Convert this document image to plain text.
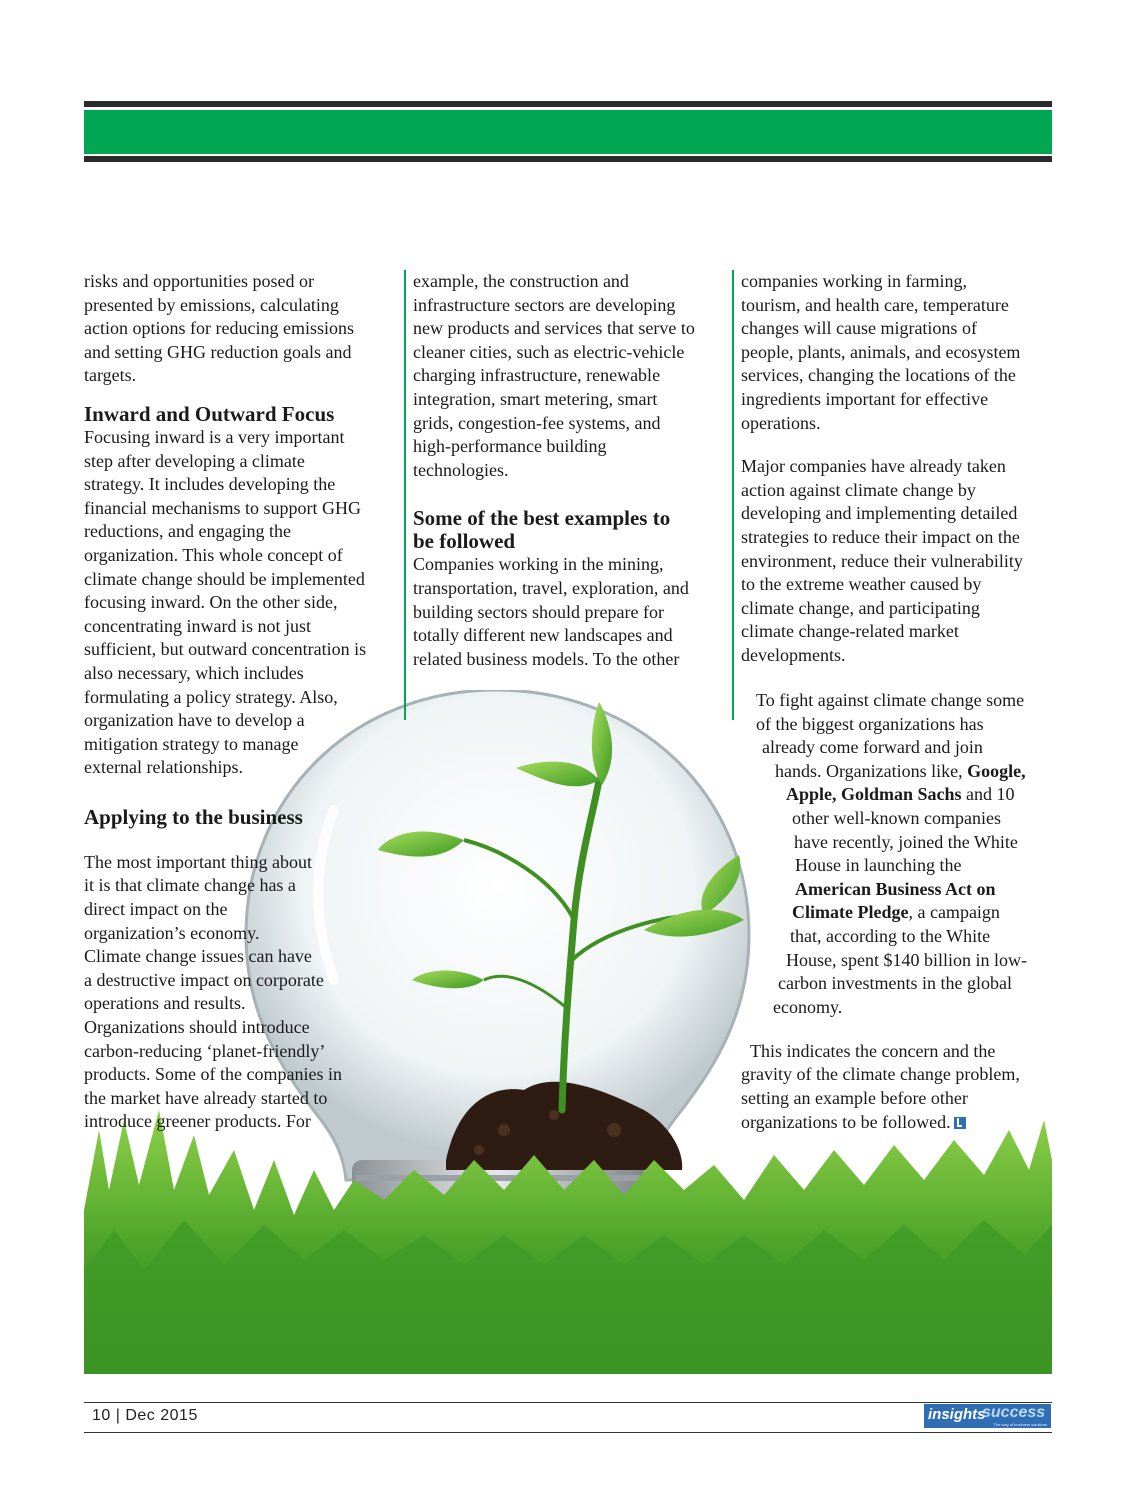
risks and opportunities posed or
presented by emissions, calculating
action options for reducing emissions
and setting GHG reduction goals and
targets.

Inward and Outward Focus

Focusing inward is a very important
step after developing a climate
strategy. It includes developing the
financial mechanisms to support GHG
reductions, and engaging the
organization. This whole concept of
climate change should be implemented
focusing inward. On the other side,
concentrating inward is not just
sufficient, but outward concentration is
also necessary, which includes
formulating a policy strategy. Also,
organization have to develop a
mitigation strategy to manage
external relationships.

Applying to the business

The most important thing about
it is that climate change has a
direct impact on the
organization’s economy.
Climate change issues can have
a destructive impact on corporate
operations and results.
Organizations should introduce
carbon-reducing ‘planet-friendly’
products. Some of the companies in
the market have already started to
introduce greener products. For

example, the construction and
infrastructure sectors are developing
new products and services that serve to
cleaner cities, such as electric-vehicle
charging infrastructure, renewable
integration, smart metering, smart
grids, congestion-fee systems, and
high-performance building
technologies.

Some of the best examples to
be followed

Companies working in the mining,
transportation, travel, exploration, and
building sectors should prepare for
totally different new landscapes and
related business models. To the other

companies working in farming,
tourism, and health care, temperature
changes will cause migrations of
people, plants, animals, and ecosystem
services, changing the locations of the
ingredients important for effective
operations.

Major companies have already taken
action against climate change by
developing and implementing detailed
strategies to reduce their impact on the
environment, reduce their vulnerability
to the extreme weather caused by
climate change, and participating
climate change-related market
developments.

To fight against climate change some
of the biggest organizations has
already come forward and join
hands. Organizations like, Google,
Apple, Goldman Sachs and 10
other well-known companies
have recently, joined the White
House in launching the
American Business Act on
Climate Pledge, a campaign
that, according to the White
House, spent $140 billion in low-
carbon investments in the global
economy.
This indicates the concern and the
gravity of the climate change problem,
setting an example before other
organizations to be followed.
10 | Dec 2015	insights
success
The way of business solutions
